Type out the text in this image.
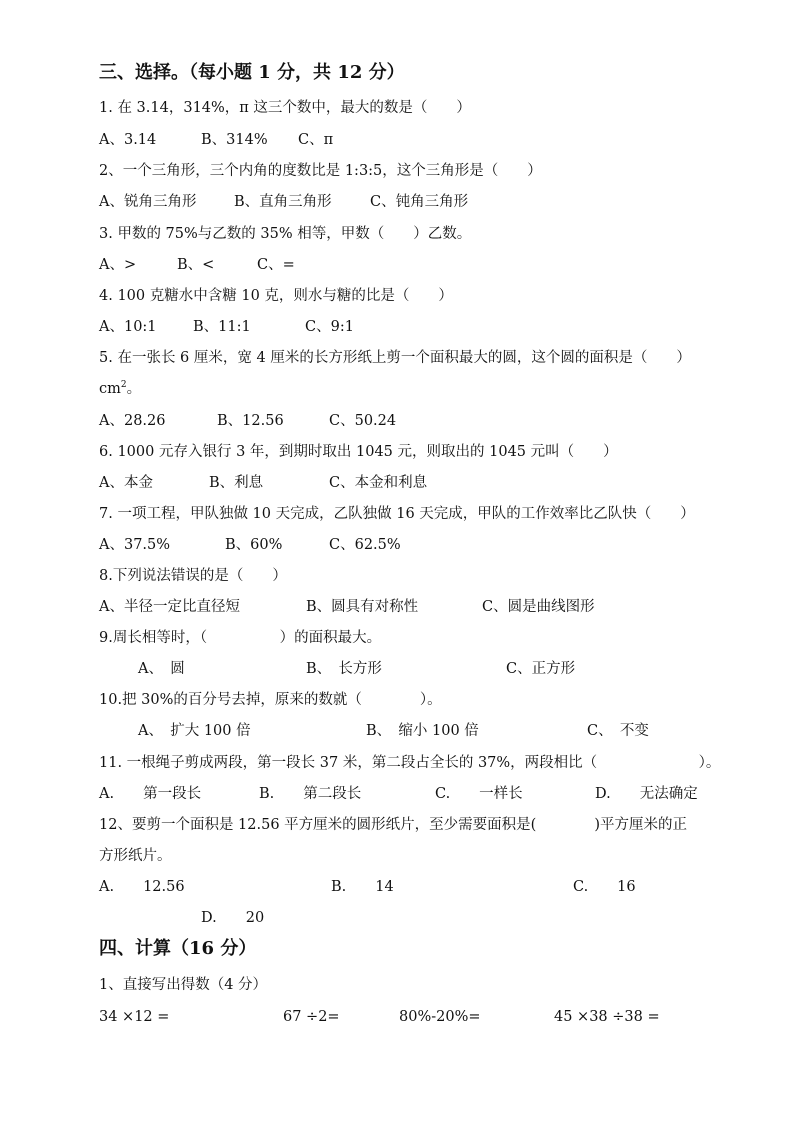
三、选择。（每小题 1 分，共 12 分）
1. 在 3.14，314%，π 这三个数中，最大的数是（　　）
A、3.14	B、314% C、π
2、一个三角形，三个内角的度数比是 1:3:5，这个三角形是（　　）
A、锐角三角形	B、直角三角形	C、钝角三角形
3. 甲数的 75%与乙数的 35% 相等，甲数（　　）乙数。
A、>	B、<	C、=
4. 100 克糖水中含糖 10 克，则水与糖的比是（　　）
A、10:1	B、11:1	C、9:1
5. 在一张长 6 厘米，宽 4 厘米的长方形纸上剪一个面积最大的圆，这个圆的面积是（　　）
$cm^2$。
A、28.26	B、12.56	C、50.24
6. 1000 元存入银行 3 年，到期时取出 1045 元，则取出的 1045 元叫（　　）
A、本金	B、利息	C、本金和利息
7. 一项工程，甲队独做 10 天完成，乙队独做 16 天完成，甲队的工作效率比乙队快（　　）
A、37.5%	B、60%	C、62.5%
8.下列说法错误的是（　　）
A、半径一定比直径短	B、圆具有对称性	C、圆是曲线图形
9.周长相等时，（　　　　　）的面积最大。
A、　圆	B、　长方形	C、正方形
10.把 30%的百分号去掉，原来的数就（　　　　）。
A、　扩大 100 倍	B、　缩小 100 倍	C、　不变
11. 一根绳子剪成两段，第一段长 37 米，第二段占全长的 37%，两段相比（　　　　　　　）。
A.　　第一段长	B.　　第二段长	C.　　一样长	D.　　无法确定
12、要剪一个面积是 12.56 平方厘米的圆形纸片，至少需要面积是(　　　　)平方厘米的正
方形纸片。
A.　　12.56	B.　　14	C.　　16
D.　　20
四、计算（16 分）
1、直接写出得数（4 分）
34 ×12 =	67 ÷2=	80%-20%=	45 ×38 ÷38 =
